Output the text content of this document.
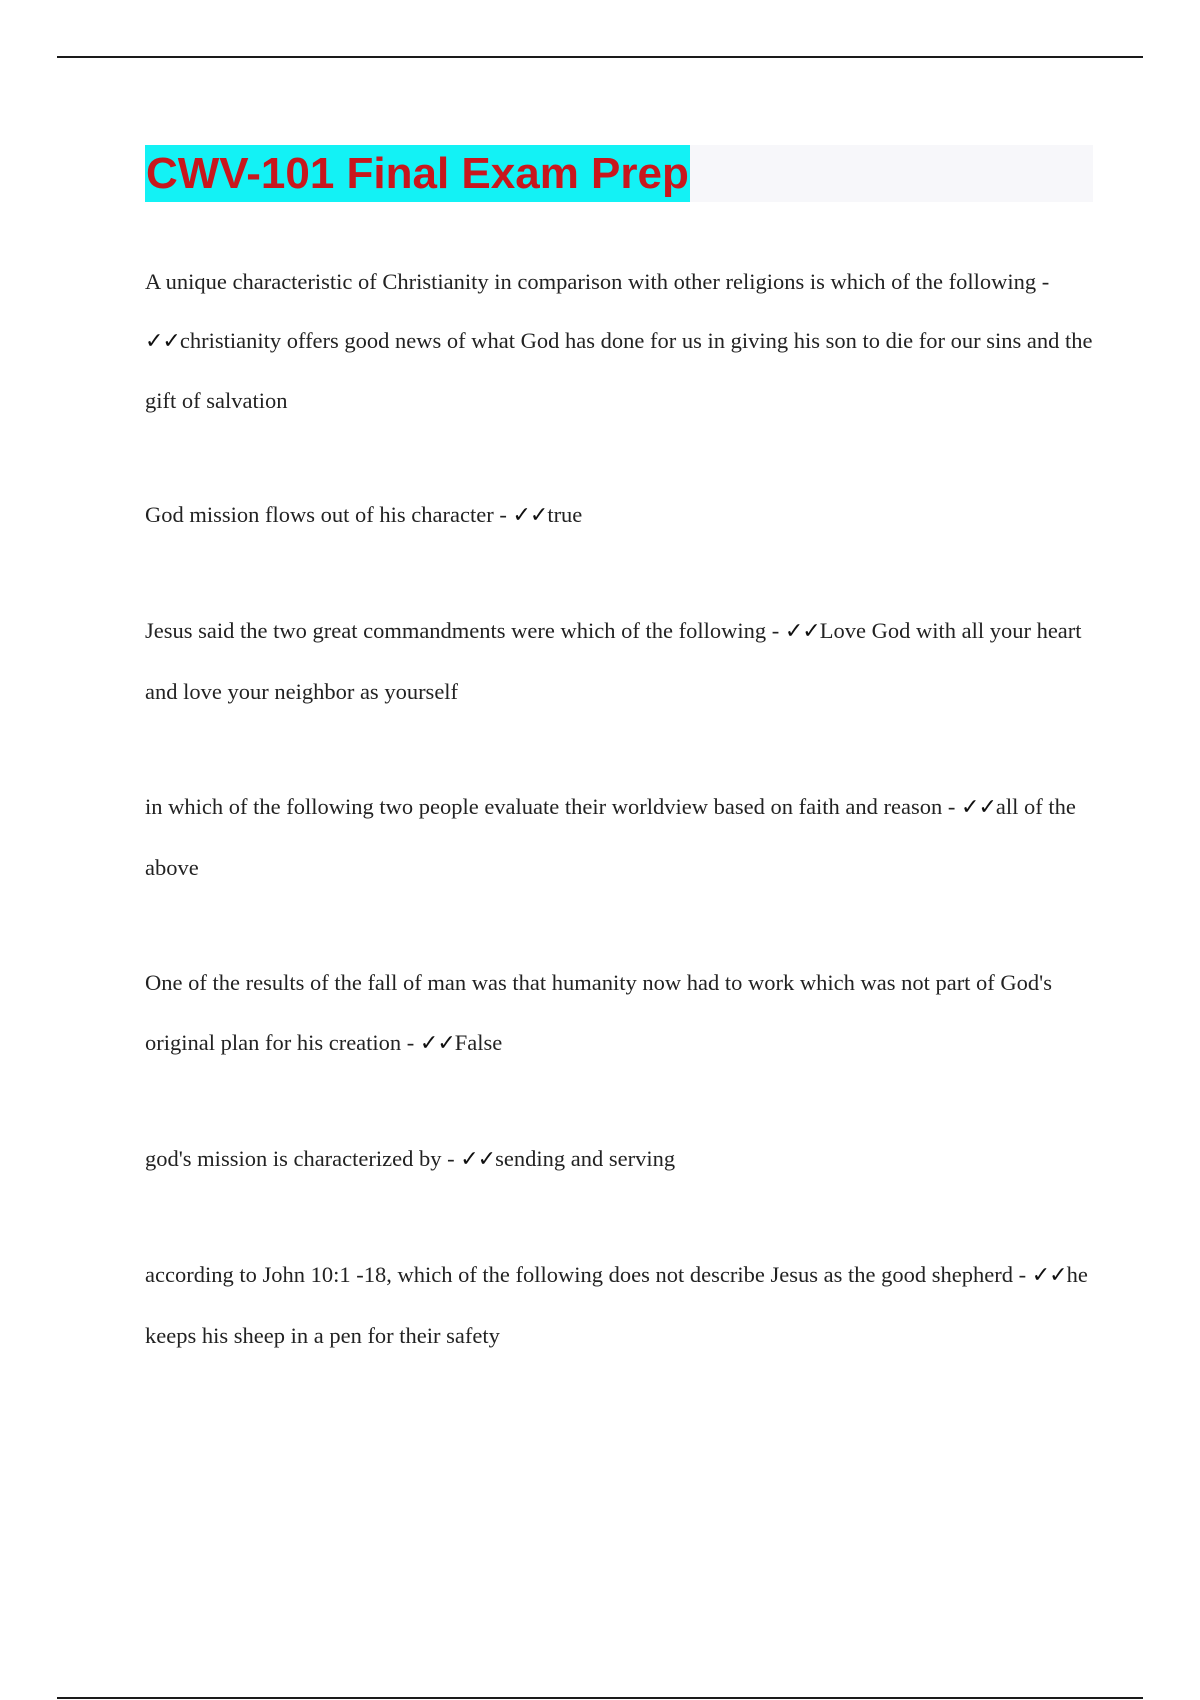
CWV-101 Final Exam Prep

A unique characteristic of Christianity in comparison with other religions is which of the following - ✓✓christianity offers good news of what God has done for us in giving his son to die for our sins and the gift of salvation

God mission flows out of his character - ✓✓true

Jesus said the two great commandments were which of the following - ✓✓Love God with all your heart and love your neighbor as yourself

in which of the following two people evaluate their worldview based on faith and reason - ✓✓all of the above

One of the results of the fall of man was that humanity now had to work which was not part of God's original plan for his creation - ✓✓False

god's mission is characterized by - ✓✓sending and serving

according to John 10:1 -18, which of the following does not describe Jesus as the good shepherd - ✓✓he keeps his sheep in a pen for their safety
